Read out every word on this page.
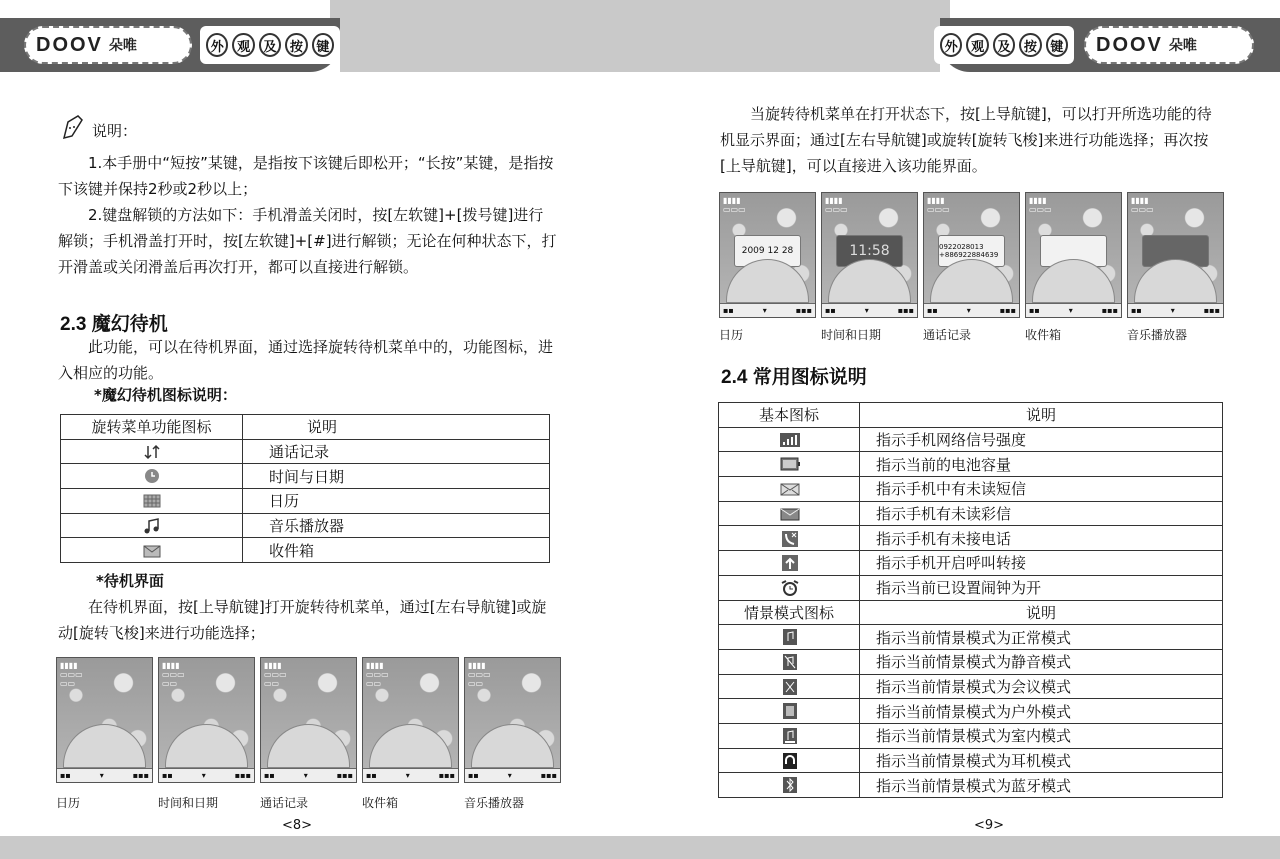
DOOV 朵唯	外	观	及	按	键	外	观	及	按	键 DOOV 朵唯
说明：

1.本手册中“短按”某键，是指按下该键后即松开；“长按”某键，是指按下该键并保持2秒或2秒以上；

2.键盘解锁的方法如下：手机滑盖关闭时，按[左软键]+[拨号键]进行解锁；手机滑盖打开时，按[左软键]+[#]进行解锁；无论在何种状态下，打开滑盖或关闭滑盖后再次打开，都可以直接进行解锁。

2.3 魔幻待机

此功能，可以在待机界面，通过选择旋转待机菜单中的，功能图标，进入相应的功能。

*魔幻待机图标说明：

旋转菜单功能图标	说明
	通话记录
	时间与日期
	日历
	音乐播放器
	收件箱

*待机界面

在待机界面，按[上导航键]打开旋转待机菜单，通过[左右导航键]或旋动[旋转飞梭]来进行功能选择；

▮▮▮▮
▭▭▭
▭▭
▪▪	▾	▪▪▪
▮▮▮▮
▭▭▭
▭▭
▪▪	▾	▪▪▪
▮▮▮▮
▭▭▭
▭▭
▪▪	▾	▪▪▪
▮▮▮▮
▭▭▭
▭▭
▪▪	▾	▪▪▪
▮▮▮▮
▭▭▭
▭▭
▪▪	▾	▪▪▪
日历	时间和日期	通话记录	收件箱	音乐播放器
<8>

当旋转待机菜单在打开状态下，按[上导航键]，可以打开所选功能的待机显示界面；通过[左右导航键]或旋转[旋转飞梭]来进行功能选择；再次按[上导航键]，可以直接进入该功能界面。

▮▮▮▮
▭▭▭
2009 12 28
▪▪	▾	▪▪▪
▮▮▮▮
▭▭▭
11:58
▪▪	▾	▪▪▪
▮▮▮▮
▭▭▭
0922028013 +886922884639
▪▪	▾	▪▪▪
▮▮▮▮
▭▭▭
▪▪	▾	▪▪▪
▮▮▮▮
▭▭▭
▪▪	▾	▪▪▪
日历	时间和日期	通话记录	收件箱	音乐播放器
2.4 常用图标说明
基本图标	说明
	指示手机网络信号强度
	指示当前的电池容量
	指示手机中有未读短信
	指示手机有未读彩信
	指示手机有未接电话
	指示手机开启呼叫转接
	指示当前已设置闹钟为开
情景模式图标	说明
	指示当前情景模式为正常模式
	指示当前情景模式为静音模式
	指示当前情景模式为会议模式
	指示当前情景模式为户外模式
	指示当前情景模式为室内模式
	指示当前情景模式为耳机模式
	指示当前情景模式为蓝牙模式
<9>
